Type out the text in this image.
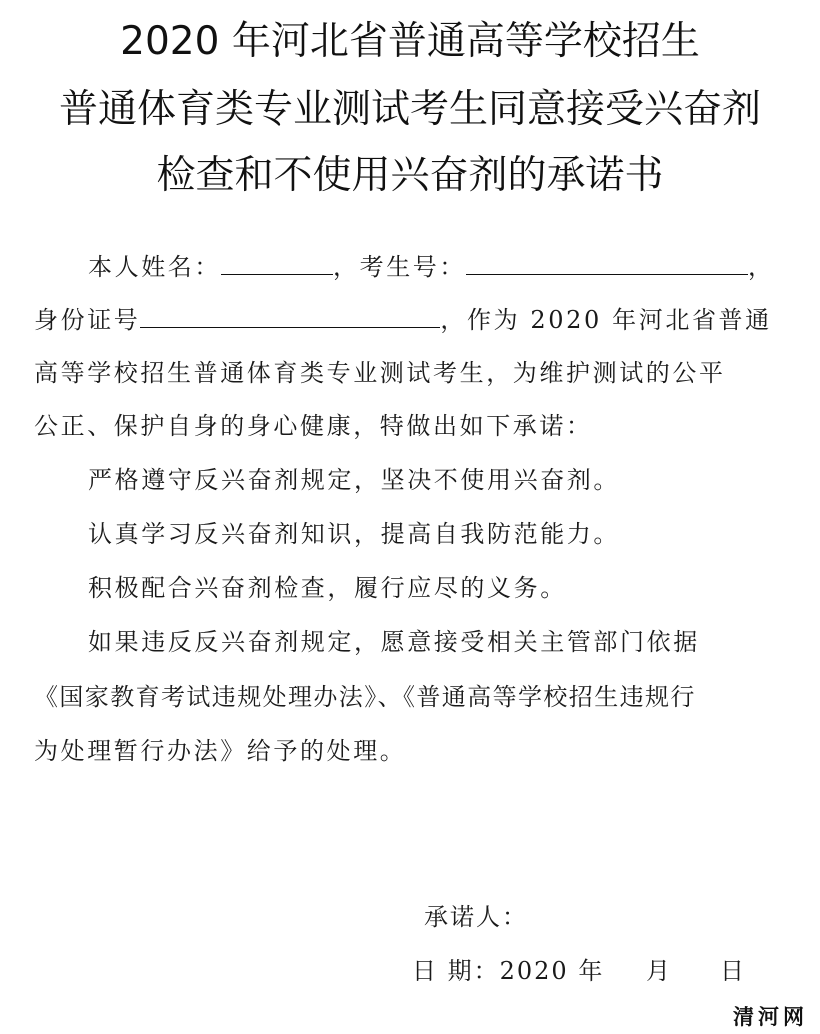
2020 年河北省普通高等学校招生
普通体育类专业测试考生同意接受兴奋剂
检查和不使用兴奋剂的承诺书
本人姓名：	，考生号：	，
身份证号	，作为 2020 年河北省普通
高等学校招生普通体育类专业测试考生，为维护测试的公平
公正、保护自身的身心健康，特做出如下承诺：
严格遵守反兴奋剂规定，坚决不使用兴奋剂。
认真学习反兴奋剂知识，提高自我防范能力。
积极配合兴奋剂检查，履行应尽的义务。
如果违反反兴奋剂规定，愿意接受相关主管部门依据
《国家教育考试违规处理办法》、《普通高等学校招生违规行
为处理暂行办法》给予的处理。
承诺人：
日 期：2020 年 月 日
清河网
